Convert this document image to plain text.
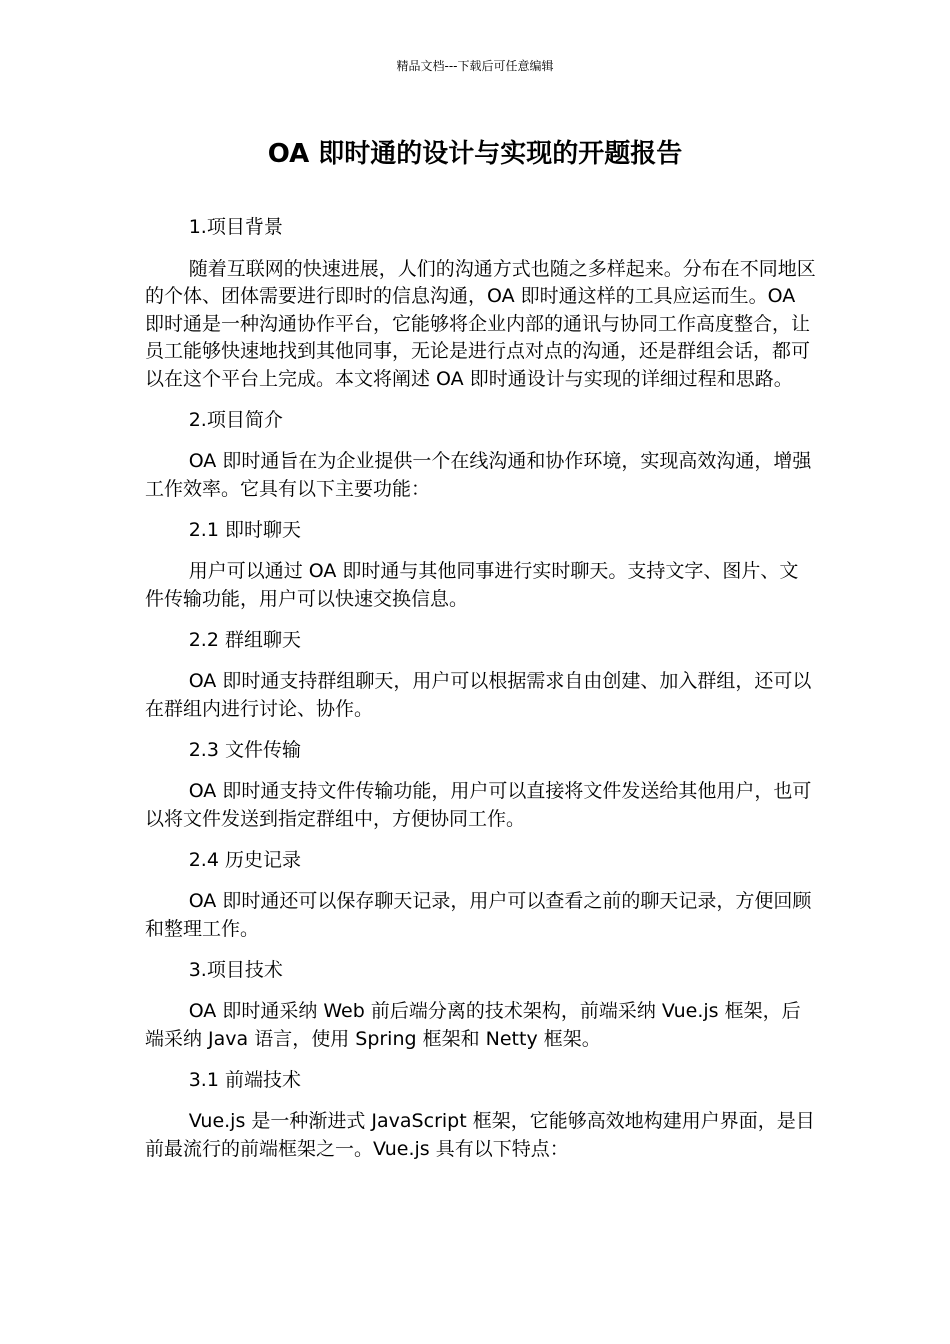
精品文档---下载后可任意编辑
OA 即时通的设计与实现的开题报告

1.项目背景

随着互联网的快速进展，人们的沟通方式也随之多样起来。分布在不同地区的个体、团体需要进行即时的信息沟通，OA 即时通这样的工具应运而生。OA 即时通是一种沟通协作平台，它能够将企业内部的通讯与协同工作高度整合，让员工能够快速地找到其他同事，无论是进行点对点的沟通，还是群组会话，都可以在这个平台上完成。本文将阐述 OA 即时通设计与实现的详细过程和思路。

2.项目简介

OA 即时通旨在为企业提供一个在线沟通和协作环境，实现高效沟通，增强工作效率。它具有以下主要功能：

2.1 即时聊天

用户可以通过 OA 即时通与其他同事进行实时聊天。支持文字、图片、文件传输功能，用户可以快速交换信息。

2.2 群组聊天

OA 即时通支持群组聊天，用户可以根据需求自由创建、加入群组，还可以在群组内进行讨论、协作。

2.3 文件传输

OA 即时通支持文件传输功能，用户可以直接将文件发送给其他用户，也可以将文件发送到指定群组中，方便协同工作。

2.4 历史记录

OA 即时通还可以保存聊天记录，用户可以查看之前的聊天记录，方便回顾和整理工作。

3.项目技术

OA 即时通采纳 Web 前后端分离的技术架构，前端采纳 Vue.js 框架，后端采纳 Java 语言，使用 Spring 框架和 Netty 框架。

3.1 前端技术

Vue.js 是一种渐进式 JavaScript 框架，它能够高效地构建用户界面，是目前最流行的前端框架之一。Vue.js 具有以下特点：
